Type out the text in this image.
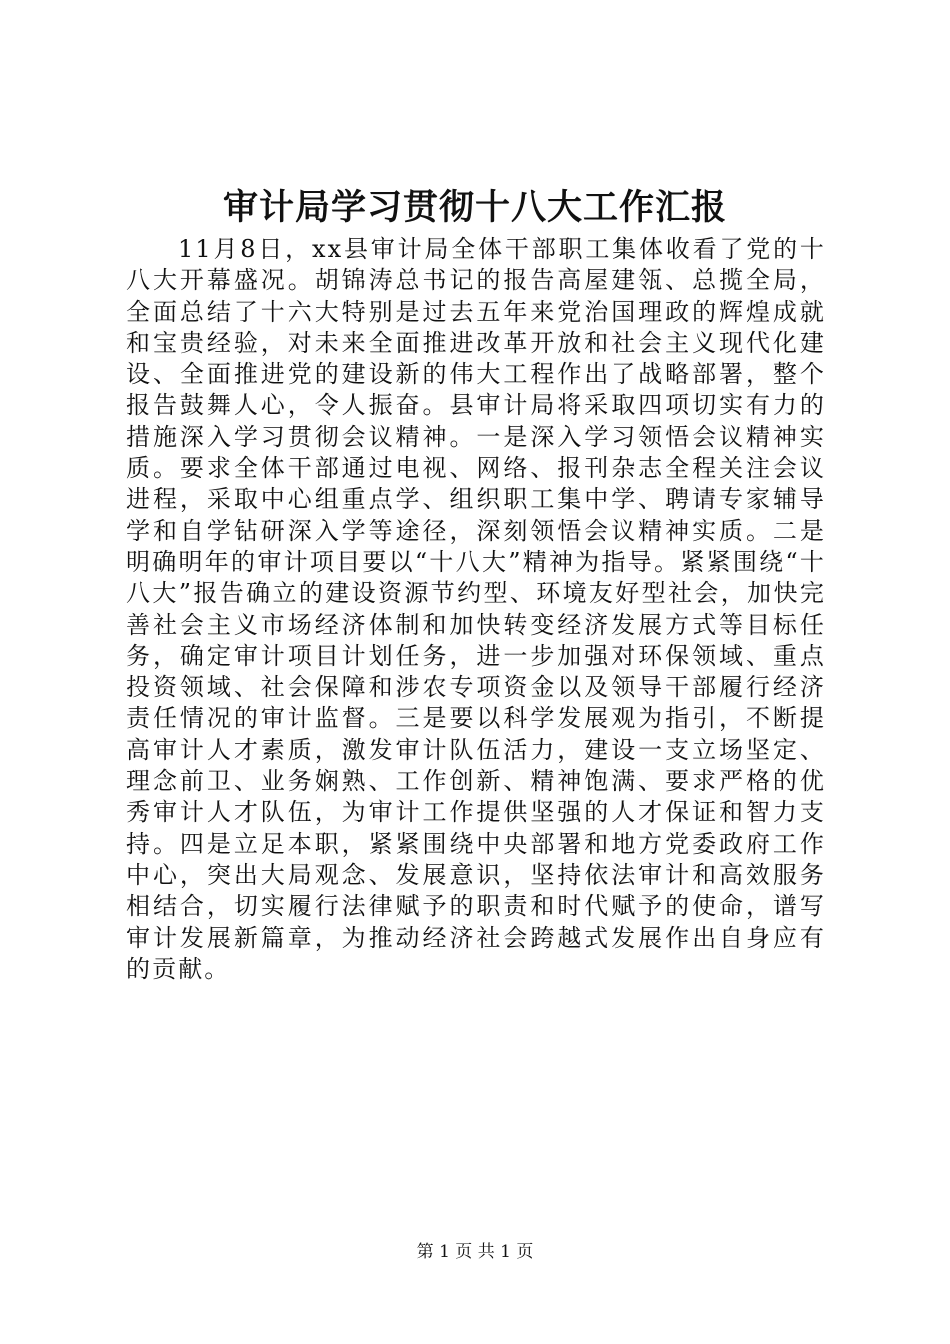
审计局学习贯彻十八大工作汇报

11月8日，xx县审计局全体干部职工集体收看了党的十八大开幕盛况。胡锦涛总书记的报告高屋建瓴、总揽全局，全面总结了十六大特别是过去五年来党治国理政的辉煌成就和宝贵经验，对未来全面推进改革开放和社会主义现代化建设、全面推进党的建设新的伟大工程作出了战略部署，整个报告鼓舞人心，令人振奋。县审计局将采取四项切实有力的措施深入学习贯彻会议精神。一是深入学习领悟会议精神实质。要求全体干部通过电视、网络、报刊杂志全程关注会议进程，采取中心组重点学、组织职工集中学、聘请专家辅导学和自学钻研深入学等途径，深刻领悟会议精神实质。二是明确明年的审计项目要以“十八大”精神为指导。紧紧围绕“十八大”报告确立的建设资源节约型、环境友好型社会，加快完善社会主义市场经济体制和加快转变经济发展方式等目标任务，确定审计项目计划任务，进一步加强对环保领域、重点投资领域、社会保障和涉农专项资金以及领导干部履行经济责任情况的审计监督。三是要以科学发展观为指引，不断提高审计人才素质，激发审计队伍活力，建设一支立场坚定、理念前卫、业务娴熟、工作创新、精神饱满、要求严格的优秀审计人才队伍，为审计工作提供坚强的人才保证和智力支持。四是立足本职，紧紧围绕中央部署和地方党委政府工作中心，突出大局观念、发展意识，坚持依法审计和高效服务相结合，切实履行法律赋予的职责和时代赋予的使命，谱写审计发展新篇章，为推动经济社会跨越式发展作出自身应有的贡献。

第 1 页 共 1 页
